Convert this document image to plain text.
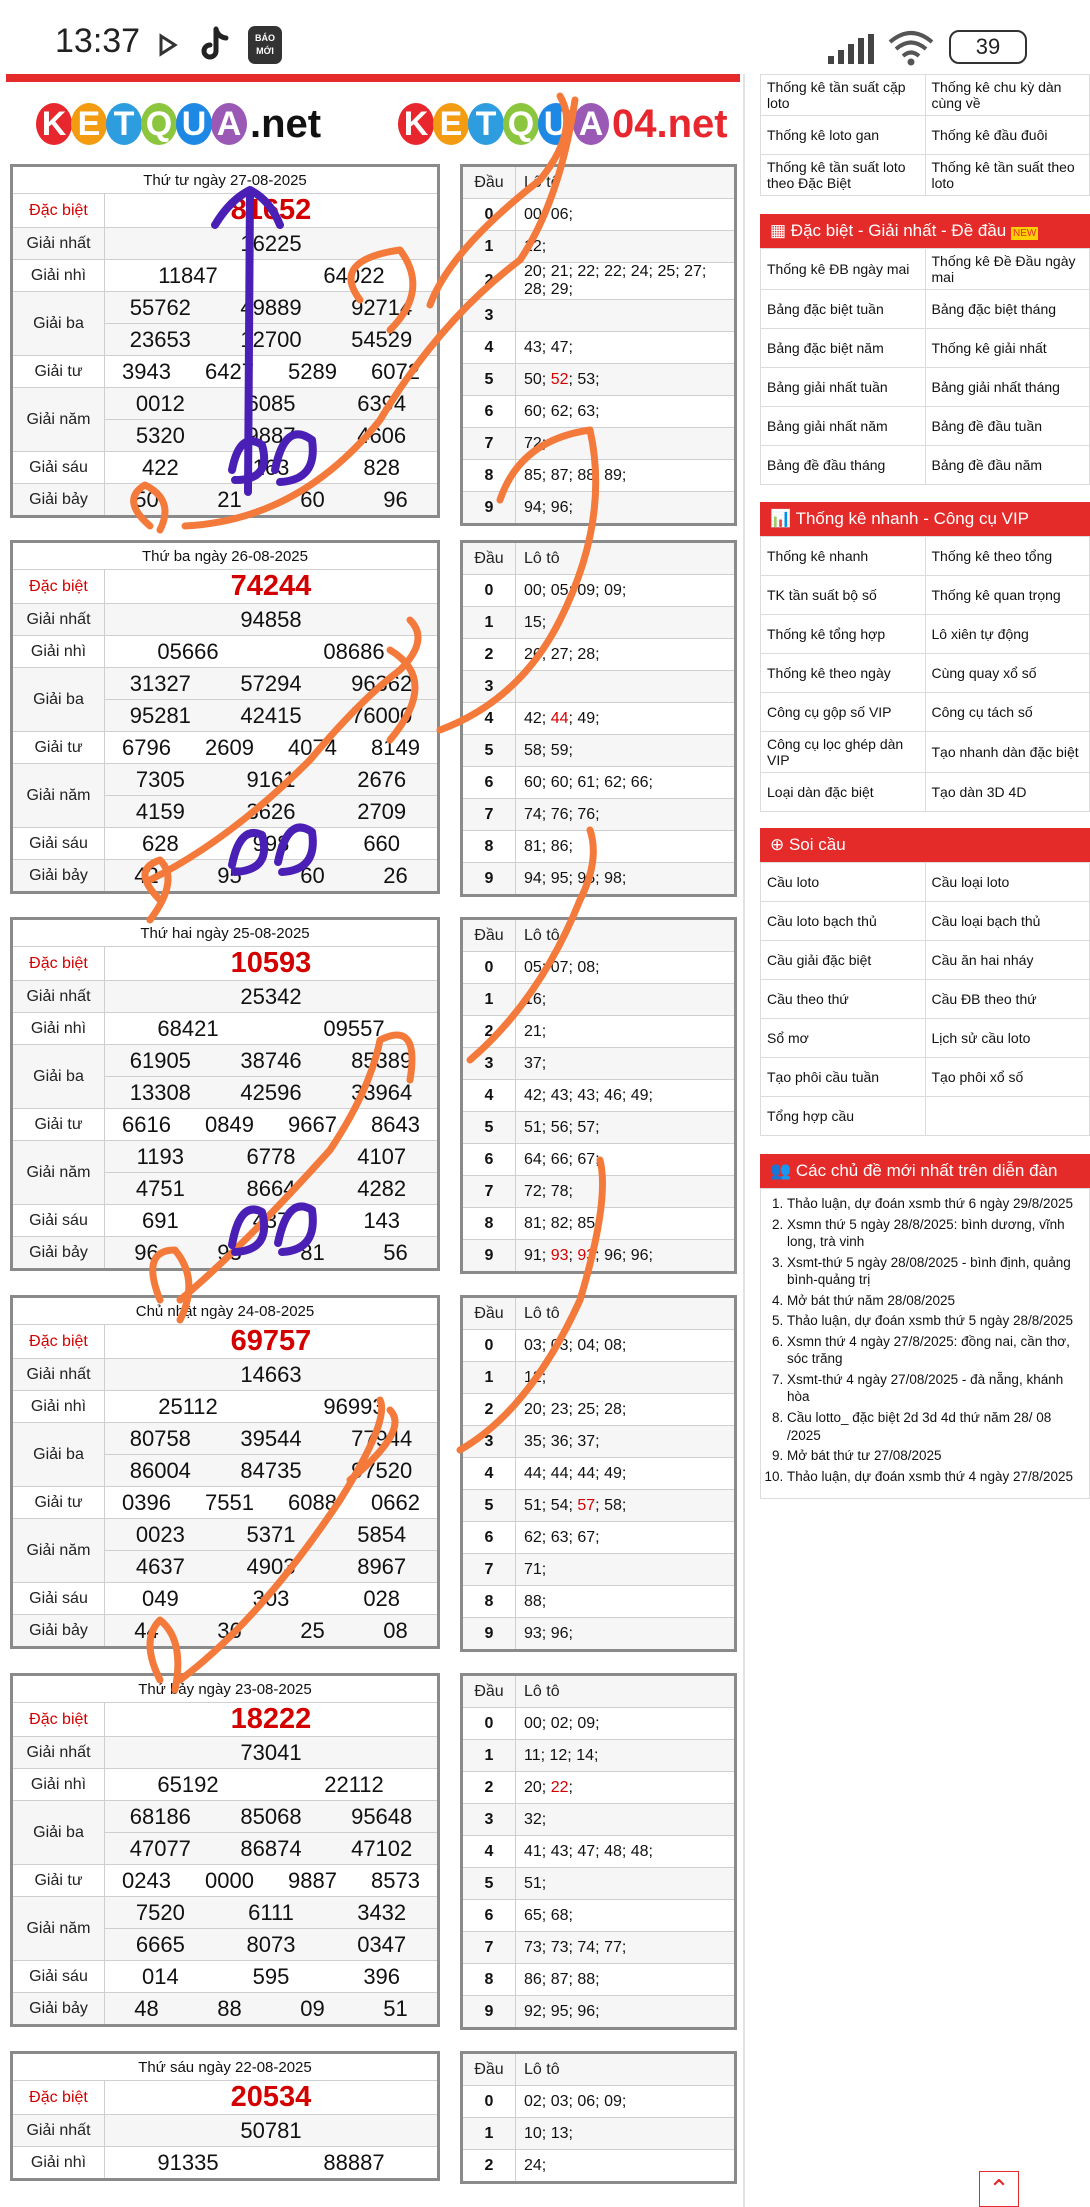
13:37	BÁO MỚI	39
K E T Q U A .net K E T Q U A 04.net
Thứ tư ngày 27-08-2025	
Đặc biệt	81652
Giải nhất	16225
Giải nhì	11847 64022

Giải ba	55762 49889 92714

	23653 12700 54529

Giải tư	3943 6427 5289 6072

Giải năm	0012 6085 6394

	5320 9887 4606

Giải sáu	422 163 828

Giải bảy	50 21 60 96
Đầu	Lô tô
0	00; 06;
1	12;
2	20; 21; 22; 22; 24; 25; 27; 28; 29;
3	
4	43; 47;
5	50; 52; 53;
6	60; 62; 63;
7	72;
8	85; 87; 88; 89;
9	94; 96;
Thứ ba ngày 26-08-2025	
Đặc biệt	74244
Giải nhất	94858
Giải nhì	05666 08686

Giải ba	31327 57294 96362

	95281 42415 76000

Giải tư	6796 2609 4074 8149

Giải năm	7305 9161 2676

	4159 3626 2709

Giải sáu	628 998 660

Giải bảy	42 95 60 26
Đầu	Lô tô
0	00; 05; 09; 09;
1	15;
2	26; 27; 28;
3	
4	42; 44; 49;
5	58; 59;
6	60; 60; 61; 62; 66;
7	74; 76; 76;
8	81; 86;
9	94; 95; 95; 98;
Thứ hai ngày 25-08-2025	
Đặc biệt	10593
Giải nhất	25342
Giải nhì	68421 09557

Giải ba	61905 38746 85389

	13308 42596 33964

Giải tư	6616 0849 9667 8643

Giải năm	1193 6778 4107

	4751 8664 4282

Giải sáu	691 437 143

Giải bảy	96 93 81 56
Đầu	Lô tô
0	05; 07; 08;
1	16;
2	21;
3	37;
4	42; 43; 43; 46; 49;
5	51; 56; 57;
6	64; 66; 67;
7	72; 78;
8	81; 82; 85;
9	91; 93; 93; 96; 96;
Chủ nhật ngày 24-08-2025	
Đặc biệt	69757
Giải nhất	14663
Giải nhì	25112 96993

Giải ba	80758 39544 77944

	86004 84735 97520

Giải tư	0396 7551 6088 0662

Giải năm	0023 5371 5854

	4637 4903 8967

Giải sáu	049 303 028

Giải bảy	44 36 25 08
Đầu	Lô tô
0	03; 03; 04; 08;
1	12;
2	20; 23; 25; 28;
3	35; 36; 37;
4	44; 44; 44; 49;
5	51; 54; 57; 58;
6	62; 63; 67;
7	71;
8	88;
9	93; 96;
Thứ bảy ngày 23-08-2025	
Đặc biệt	18222
Giải nhất	73041
Giải nhì	65192 22112

Giải ba	68186 85068 95648

	47077 86874 47102

Giải tư	0243 0000 9887 8573

Giải năm	7520 6111 3432

	6665 8073 0347

Giải sáu	014 595 396

Giải bảy	48 88 09 51
Đầu	Lô tô
0	00; 02; 09;
1	11; 12; 14;
2	20; 22;
3	32;
4	41; 43; 47; 48; 48;
5	51;
6	65; 68;
7	73; 73; 74; 77;
8	86; 87; 88;
9	92; 95; 96;
Thứ sáu ngày 22-08-2025	
Đặc biệt	20534
Giải nhất	50781
Giải nhì	91335 88887
Đầu	Lô tô
0	02; 03; 06; 09;
1	10; 13;
2	24;
Thống kê tần suất cặp loto	Thống kê chu kỳ dàn cùng về
Thống kê loto gan	Thống kê đầu đuôi
Thống kê tần suất loto theo Đặc Biệt	Thống kê tần suất theo loto
▦ Đặc biệt - Giải nhất - Đề đầu NEW
Thống kê ĐB ngày mai	Thống kê Đề Đầu ngày mai
Bảng đặc biệt tuần	Bảng đặc biệt tháng
Bảng đặc biệt năm	Thống kê giải nhất
Bảng giải nhất tuần	Bảng giải nhất tháng
Bảng giải nhất năm	Bảng đề đầu tuần
Bảng đề đầu tháng	Bảng đề đầu năm
📊 Thống kê nhanh - Công cụ VIP
Thống kê nhanh	Thống kê theo tổng
TK tần suất bộ số	Thống kê quan trọng
Thống kê tổng hợp	Lô xiên tự động
Thống kê theo ngày	Cùng quay xổ số
Công cụ gộp số VIP	Công cụ tách số
Công cụ lọc ghép dàn VIP	Tạo nhanh dàn đặc biệt
Loại dàn đặc biệt	Tạo dàn 3D 4D
⊕ Soi cầu
Cầu loto	Cầu loại loto
Cầu loto bạch thủ	Cầu loại bạch thủ
Cầu giải đặc biệt	Cầu ăn hai nháy
Cầu theo thứ	Cầu ĐB theo thứ
Sổ mơ	Lịch sử cầu loto
Tạo phôi cầu tuần	Tạo phôi xổ số
Tổng hợp cầu	
👥 Các chủ đề mới nhất trên diễn đàn
1. Thảo luận, dự đoán xsmb thứ 6 ngày 29/8/2025
2. Xsmn thứ 5 ngày 28/8/2025: bình dương, vĩnh long, trà vinh
3. Xsmt-thứ 5 ngày 28/08/2025 - bình định, quảng bình-quảng trị
4. Mở bát thứ năm 28/08/2025
5. Thảo luận, dự đoán xsmb thứ 5 ngày 28/8/2025
6. Xsmn thứ 4 ngày 27/8/2025: đồng nai, cần thơ, sóc trăng
7. Xsmt-thứ 4 ngày 27/08/2025 - đà nẵng, khánh hòa
8. Cầu lotto_ đặc biệt 2d 3d 4d thứ năm 28/ 08 /2025
9. Mở bát thứ tư 27/08/2025
10. Thảo luận, dự đoán xsmb thứ 4 ngày 27/8/2025
⌃
